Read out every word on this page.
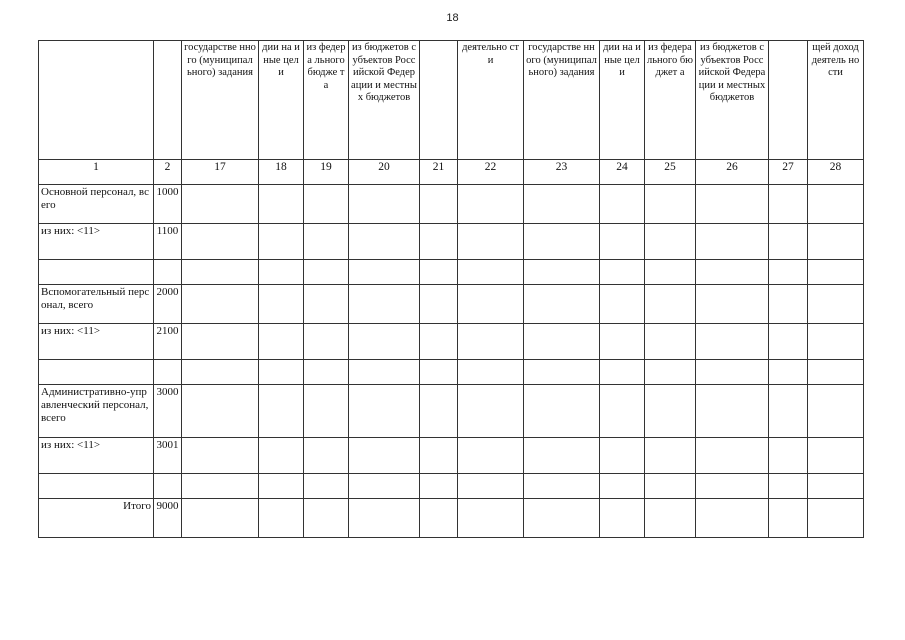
18
		государстве нного (муниципал ьного) задания	дии на иные цели	из федера льного бюдже та	из бюджетов субъектов Российской Федерации и местных бюджетов		деятельно сти	государстве нного (муниципал ьного) задания	дии на иные цели	из федера льного бюджет а	из бюджетов субъектов Российской Федерации и местных бюджетов		щей доход деятель ности
1	2	17	18	19	20	21	22	23	24	25	26	27	28
Основной персонал, всего	1000												
из них: <11>	1100												

Вспомогательный персонал, всего	2000												
из них: <11>	2100												

Административно-управленческий персонал, всего	3000												
из них: <11>	3001												

Итого	9000												
